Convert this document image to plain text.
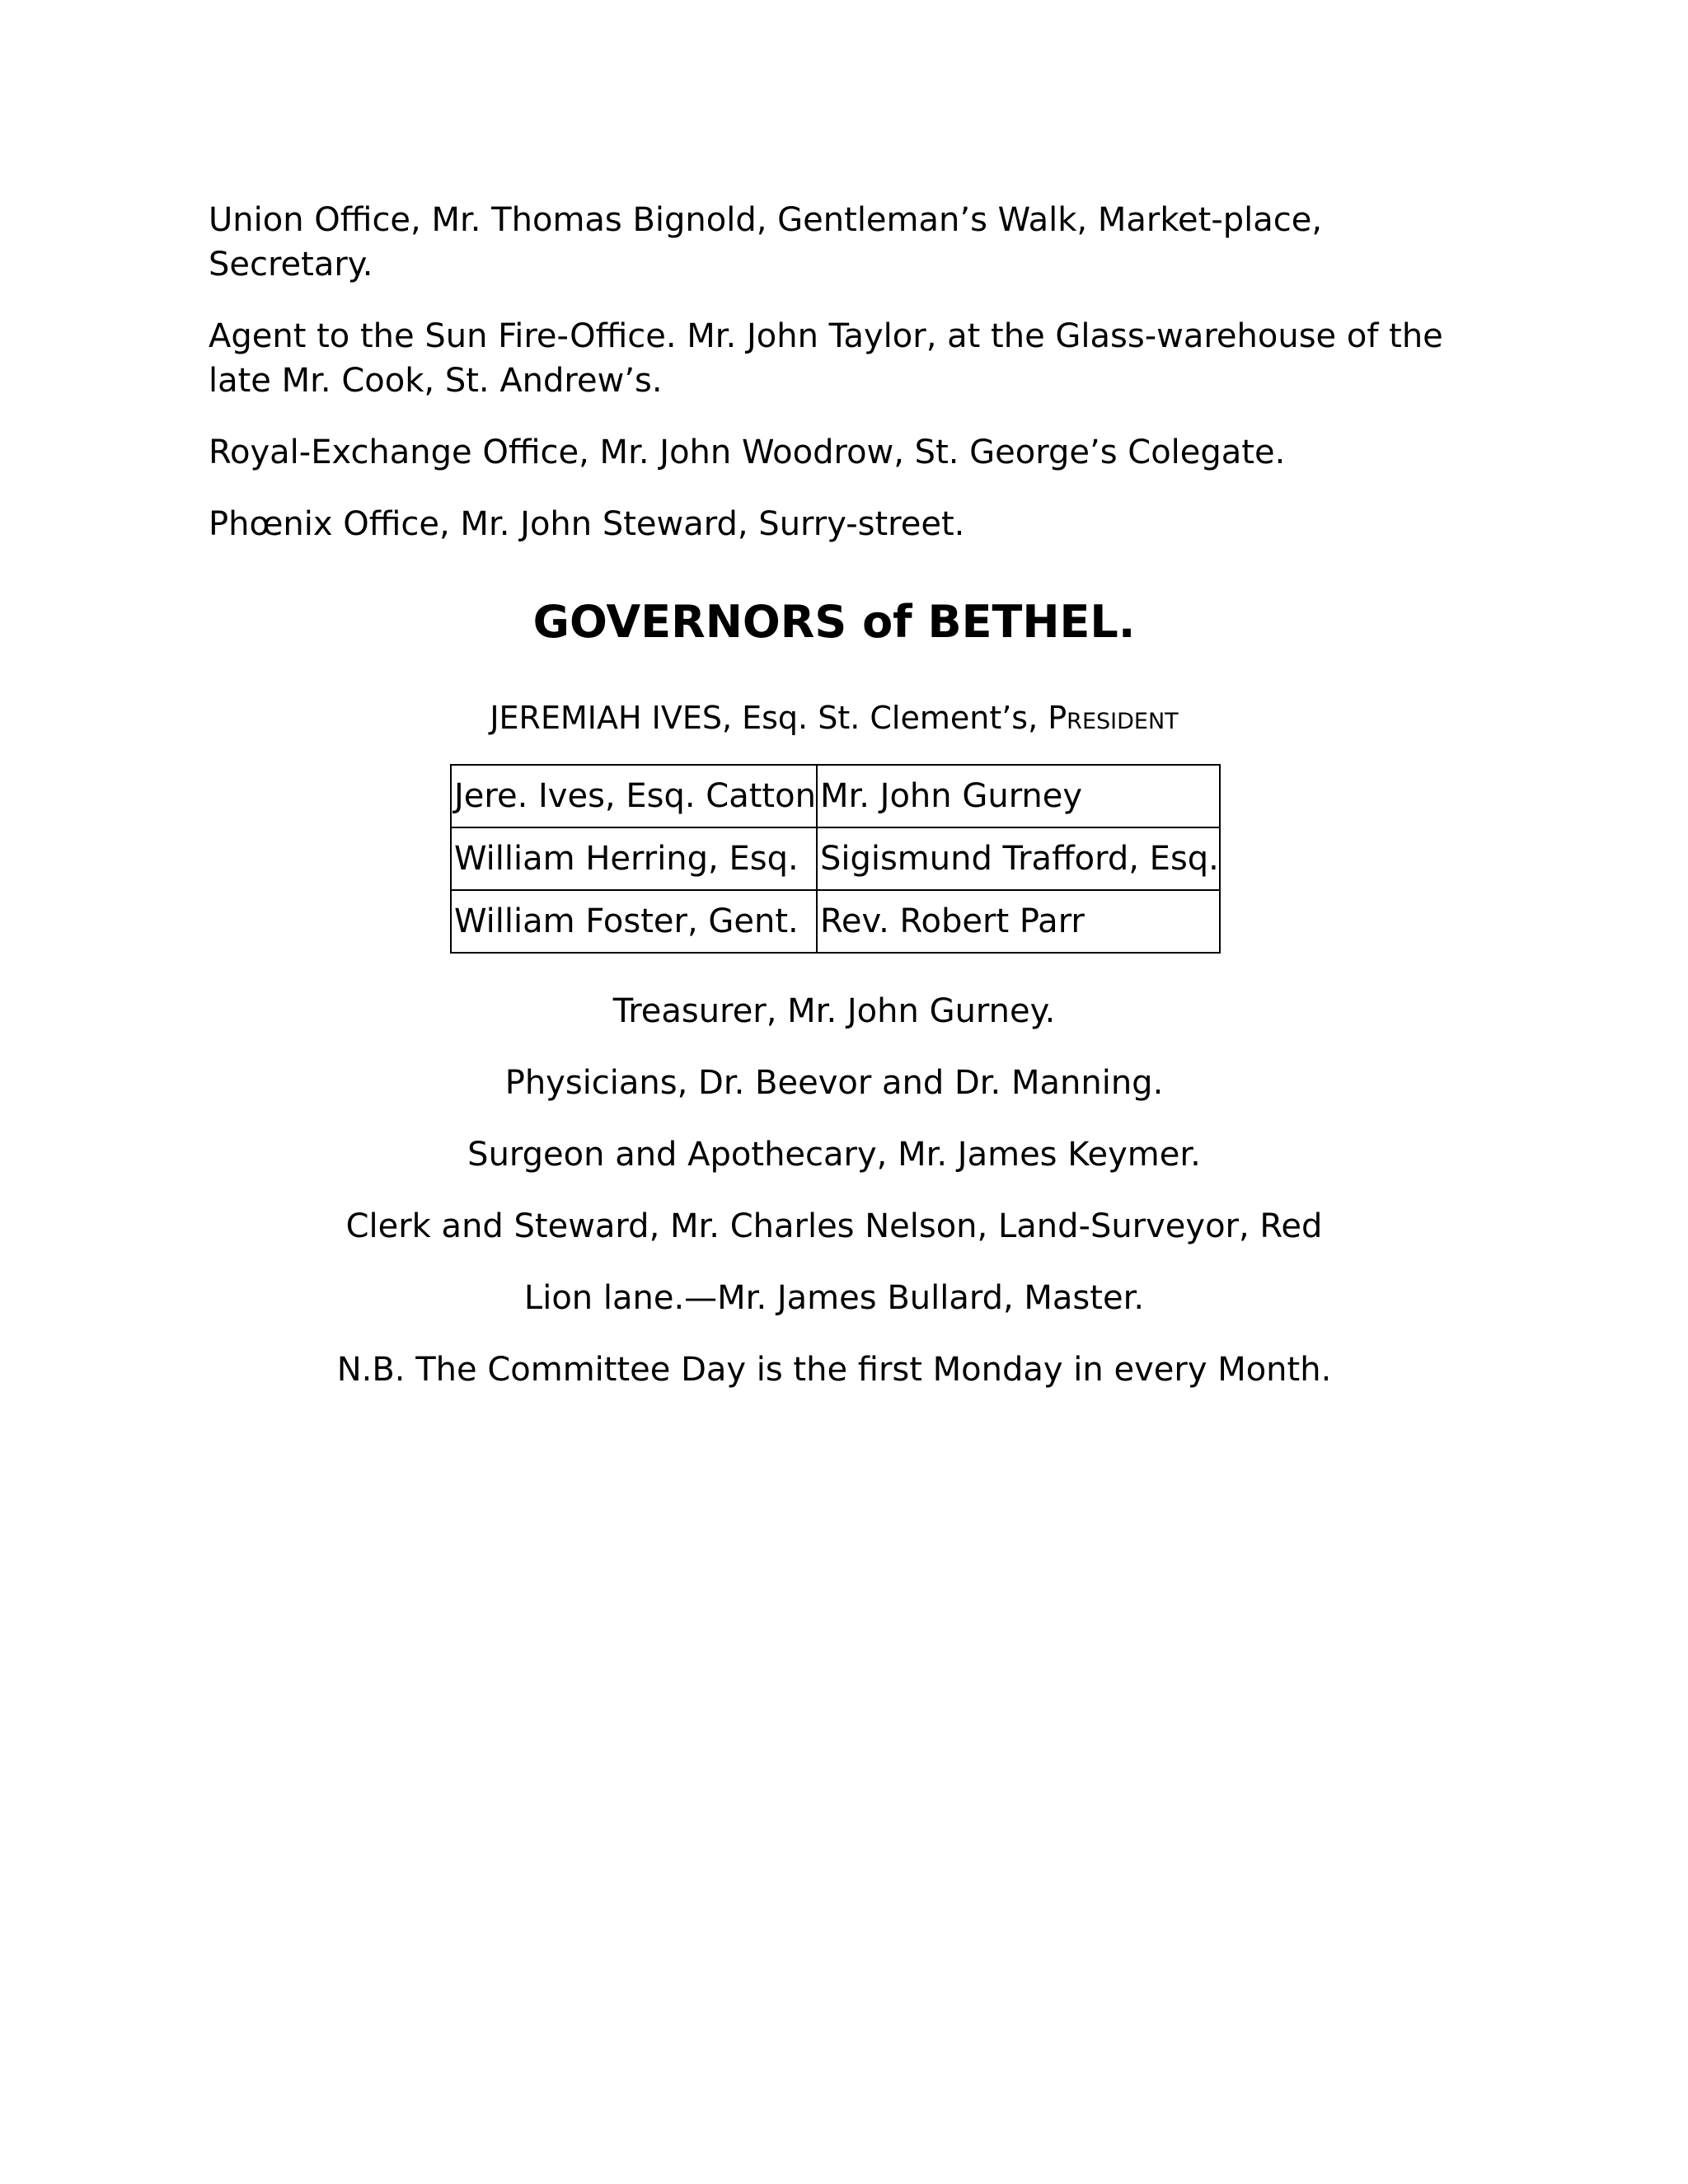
Union Office, Mr. Thomas Bignold, Gentleman’s Walk, Market-place, Secretary.

Agent to the Sun Fire-Office. Mr. John Taylor, at the Glass-warehouse of the late Mr. Cook, St. Andrew’s.

Royal-Exchange Office, Mr. John Woodrow, St. George’s Colegate.

Phœnix Office, Mr. John Steward, Surry-street.

GOVERNORS of BETHEL.
JEREMIAH IVES, Esq. St. Clement’s, President
Jere. Ives, Esq. Catton	Mr. John Gurney
William Herring, Esq.	Sigismund Trafford, Esq.
William Foster, Gent.	Rev. Robert Parr

Treasurer, Mr. John Gurney.

Physicians, Dr. Beevor and Dr. Manning.

Surgeon and Apothecary, Mr. James Keymer.

Clerk and Steward, Mr. Charles Nelson, Land-Surveyor, Red

Lion lane.—Mr. James Bullard, Master.

N.B. The Committee Day is the first Monday in every Month.
